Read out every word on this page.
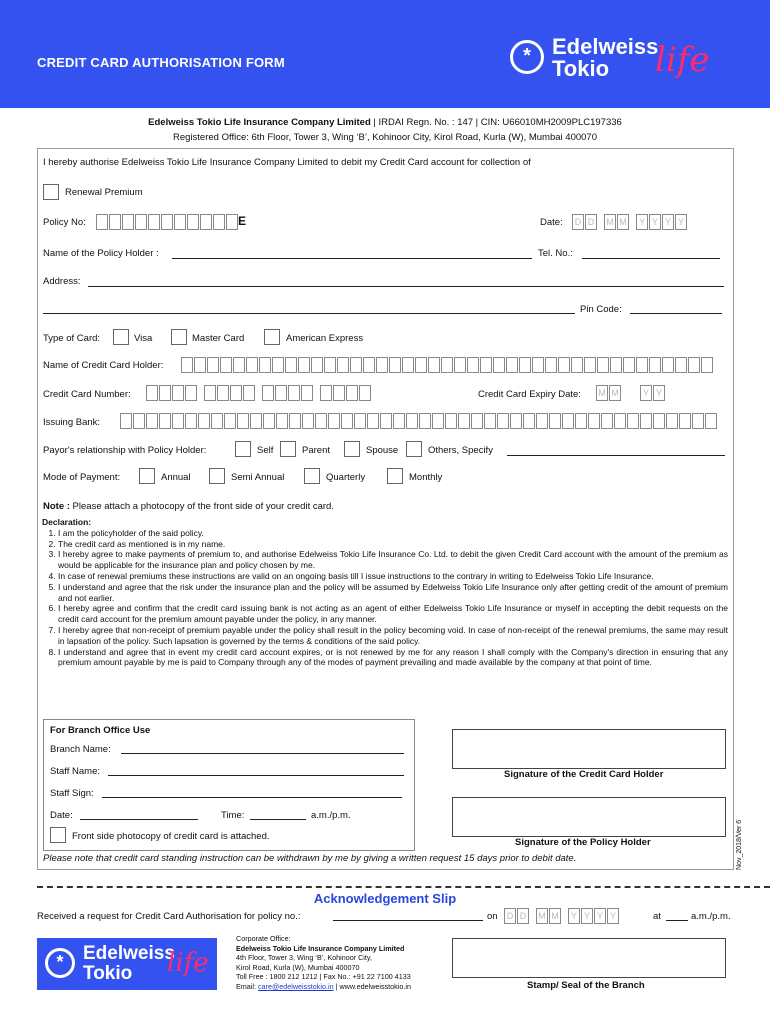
CREDIT CARD AUTHORISATION FORM	* Edelweiss
Tokio life
Edelweiss Tokio Life Insurance Company Limited | IRDAI Regn. No. : 147 | CIN: U66010MH2009PLC197336
Registered Office: 6th Floor, Tower 3, Wing ‘B’, Kohinoor City, Kirol Road, Kurla (W), Mumbai 400070
I hereby authorise Edelweiss Tokio Life Insurance Company Limited to debit my Credit Card account for collection of
Renewal Premium
Policy No:	E	Date:	D D	M M	Y Y Y Y
Name of the Policy Holder :	Tel. No.:
Address:
Pin Code:
Type of Card:	Visa	Master Card	American Express
Name of Credit Card Holder:
Credit Card Number:	Credit Card Expiry Date: M M	Y Y
Issuing Bank:
Payor's relationship with Policy Holder:	Self	Parent	Spouse	Others, Specify
Mode of Payment:	Annual	Semi Annual	Quarterly	Monthly
Note : Please attach a photocopy of the front side of your credit card.
Declaration:
1. I am the policyholder of the said policy.
2. The credit card as mentioned is in my name.
3. I hereby agree to make payments of premium to, and authorise Edelweiss Tokio Life Insurance Co. Ltd. to debit the given Credit Card account with the amount of the premium as would be applicable for the insurance plan and policy chosen by me.
4. In case of renewal premiums these instructions are valid on an ongoing basis till I issue instructions to the contrary in writing to Edelweiss Tokio Life Insurance.
5. I understand and agree that the risk under the insurance plan and the policy will be assumed by Edelweiss Tokio Life Insurance only after getting credit of the amount of premium and not earlier.
6. I hereby agree and confirm that the credit card issuing bank is not acting as an agent of either Edelweiss Tokio Life Insurance or myself in accepting the debit requests on the credit card account for the premium amount payable under the policy, in any manner.
7. I hereby agree that non-receipt of premium payable under the policy shall result in the policy becoming void. In case of non-receipt of the renewal premiums, the same may result in lapsation of the policy. Such lapsation is governed by the terms & conditions of the said policy.
8. I understand and agree that in event my credit card account expires, or is not renewed by me for any reason I shall comply with the Company's direction in ensuring that any premium amount payable by me is paid to Company through any of the modes of payment prevailing and made available by the company at that point of time.
For Branch Office Use
Branch Name:
Staff Name:
Staff Sign:
Date:	Time:	a.m./p.m.
Front side photocopy of credit card is attached.
Signature of the Credit Card Holder
Signature of the Policy Holder
Please note that credit card standing instruction can be withdrawn by me by giving a written request 15 days prior to debit date.	Nov_2018/Ver 6
Acknowledgement Slip
Received a request for Credit Card Authorisation for policy no.:	on	D D	M M	Y Y Y Y	at	a.m./p.m.
*	Edelweiss
Tokio life
Corporate Office:
Edelweiss Tokio Life Insurance Company Limited
4th Floor, Tower 3, Wing ‘B’, Kohinoor City,
Kirol Road, Kurla (W), Mumbai 400070
Toll Free : 1800 212 1212 | Fax No.: +91 22 7100 4133
Email: care@edelweisstokio.in | www.edelweisstokio.in	Stamp/ Seal of the Branch
